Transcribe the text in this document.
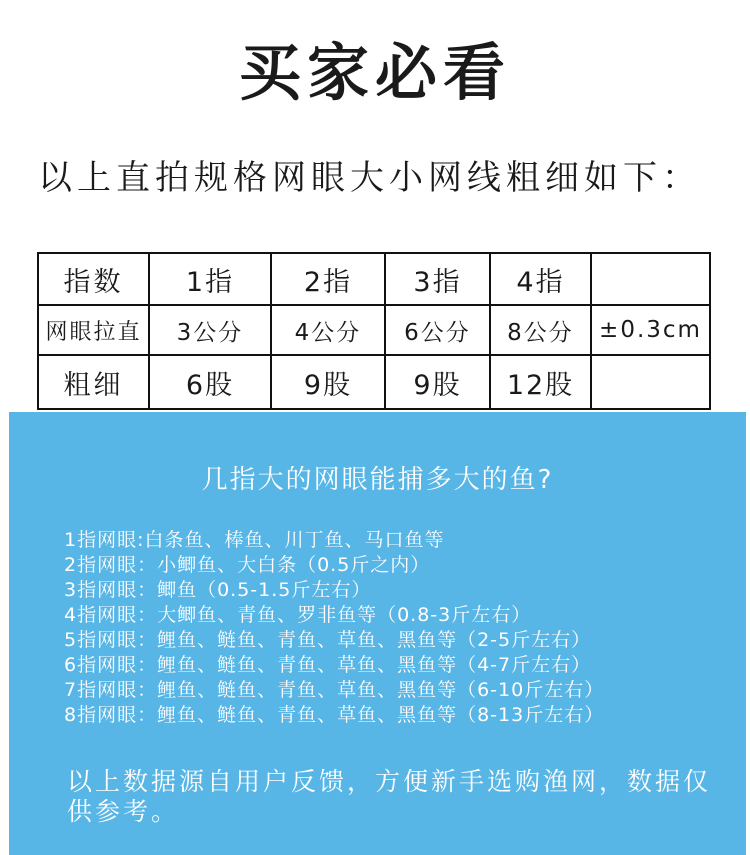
买家必看
以上直拍规格网眼大小网线粗细如下：
指数	1指	2指	3指	4指	
网眼拉直	3公分	4公分	6公分	8公分	±0.3cm
粗细	6股	9股	9股	12股	
几指大的网眼能捕多大的鱼?
1指网眼:白条鱼、棒鱼、川丁鱼、马口鱼等
2指网眼：小鲫鱼、大白条（0.5斤之内）
3指网眼：鲫鱼（0.5-1.5斤左右）
4指网眼：大鲫鱼、青鱼、罗非鱼等（0.8-3斤左右）
5指网眼：鲤鱼、鲢鱼、青鱼、草鱼、黑鱼等（2-5斤左右）
6指网眼：鲤鱼、鲢鱼、青鱼、草鱼、黑鱼等（4-7斤左右）
7指网眼：鲤鱼、鲢鱼、青鱼、草鱼、黑鱼等（6-10斤左右）
8指网眼：鲤鱼、鲢鱼、青鱼、草鱼、黑鱼等（8-13斤左右）
以上数据源自用户反馈，方便新手选购渔网，数据仅供参考。
